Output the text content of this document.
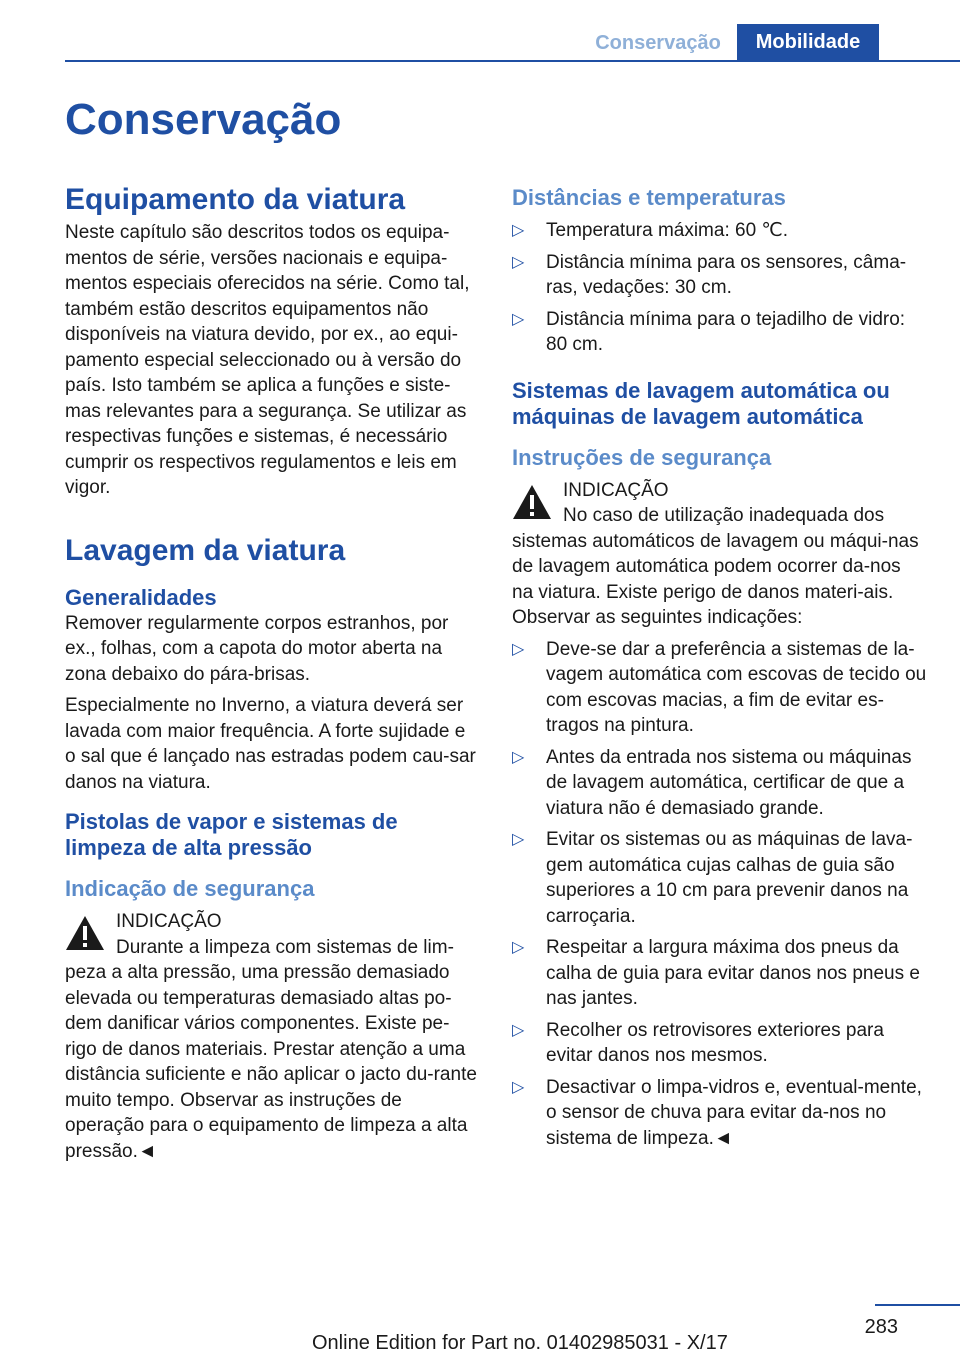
Conservação	Mobilidade
Conservação
Equipamento da viatura

Neste capítulo são descritos todos os equipa-mentos de série, versões nacionais e equipa-mentos especiais oferecidos na série. Como tal, também estão descritos equipamentos não disponíveis na viatura devido, por ex., ao equi-pamento especial seleccionado ou à versão do país. Isto também se aplica a funções e siste-mas relevantes para a segurança. Se utilizar as respectivas funções e sistemas, é necessário cumprir os respectivos regulamentos e leis em vigor.

Lavagem da viatura
Generalidades

Remover regularmente corpos estranhos, por ex., folhas, com a capota do motor aberta na zona debaixo do pára-brisas.

Especialmente no Inverno, a viatura deverá ser lavada com maior frequência. A forte sujidade e o sal que é lançado nas estradas podem cau-sar danos na viatura.

Pistolas de vapor e sistemas de limpeza de alta pressão
Indicação de segurança

INDICAÇÃO

Durante a limpeza com sistemas de lim-

peza a alta pressão, uma pressão demasiado elevada ou temperaturas demasiado altas po-dem danificar vários componentes. Existe pe-rigo de danos materiais. Prestar atenção a uma distância suficiente e não aplicar o jacto du-rante muito tempo. Observar as instruções de operação para o equipamento de limpeza a alta pressão.◄

Distâncias e temperaturas
▷ Temperatura máxima: 60 ℃.
▷ Distância mínima para os sensores, câma-ras, vedações: 30 cm.
▷ Distância mínima para o tejadilho de vidro: 80 cm.
Sistemas de lavagem automática ou máquinas de lavagem automática
Instruções de segurança

INDICAÇÃO

No caso de utilização inadequada dos

sistemas automáticos de lavagem ou máqui-nas de lavagem automática podem ocorrer da-nos na viatura. Existe perigo de danos materi-ais. Observar as seguintes indicações:

▷ Deve-se dar a preferência a sistemas de la-vagem automática com escovas de tecido ou com escovas macias, a fim de evitar es-tragos na pintura.
▷ Antes da entrada nos sistema ou máquinas de lavagem automática, certificar de que a viatura não é demasiado grande.
▷ Evitar os sistemas ou as máquinas de lava-gem automática cujas calhas de guia são superiores a 10 cm para prevenir danos na carroçaria.
▷ Respeitar a largura máxima dos pneus da calha de guia para evitar danos nos pneus e nas jantes.
▷ Recolher os retrovisores exteriores para evitar danos nos mesmos.
▷ Desactivar o limpa-vidros e, eventual-mente, o sensor de chuva para evitar da-nos no sistema de limpeza.◄
283
Online Edition for Part no. 01402985031 - X/17
